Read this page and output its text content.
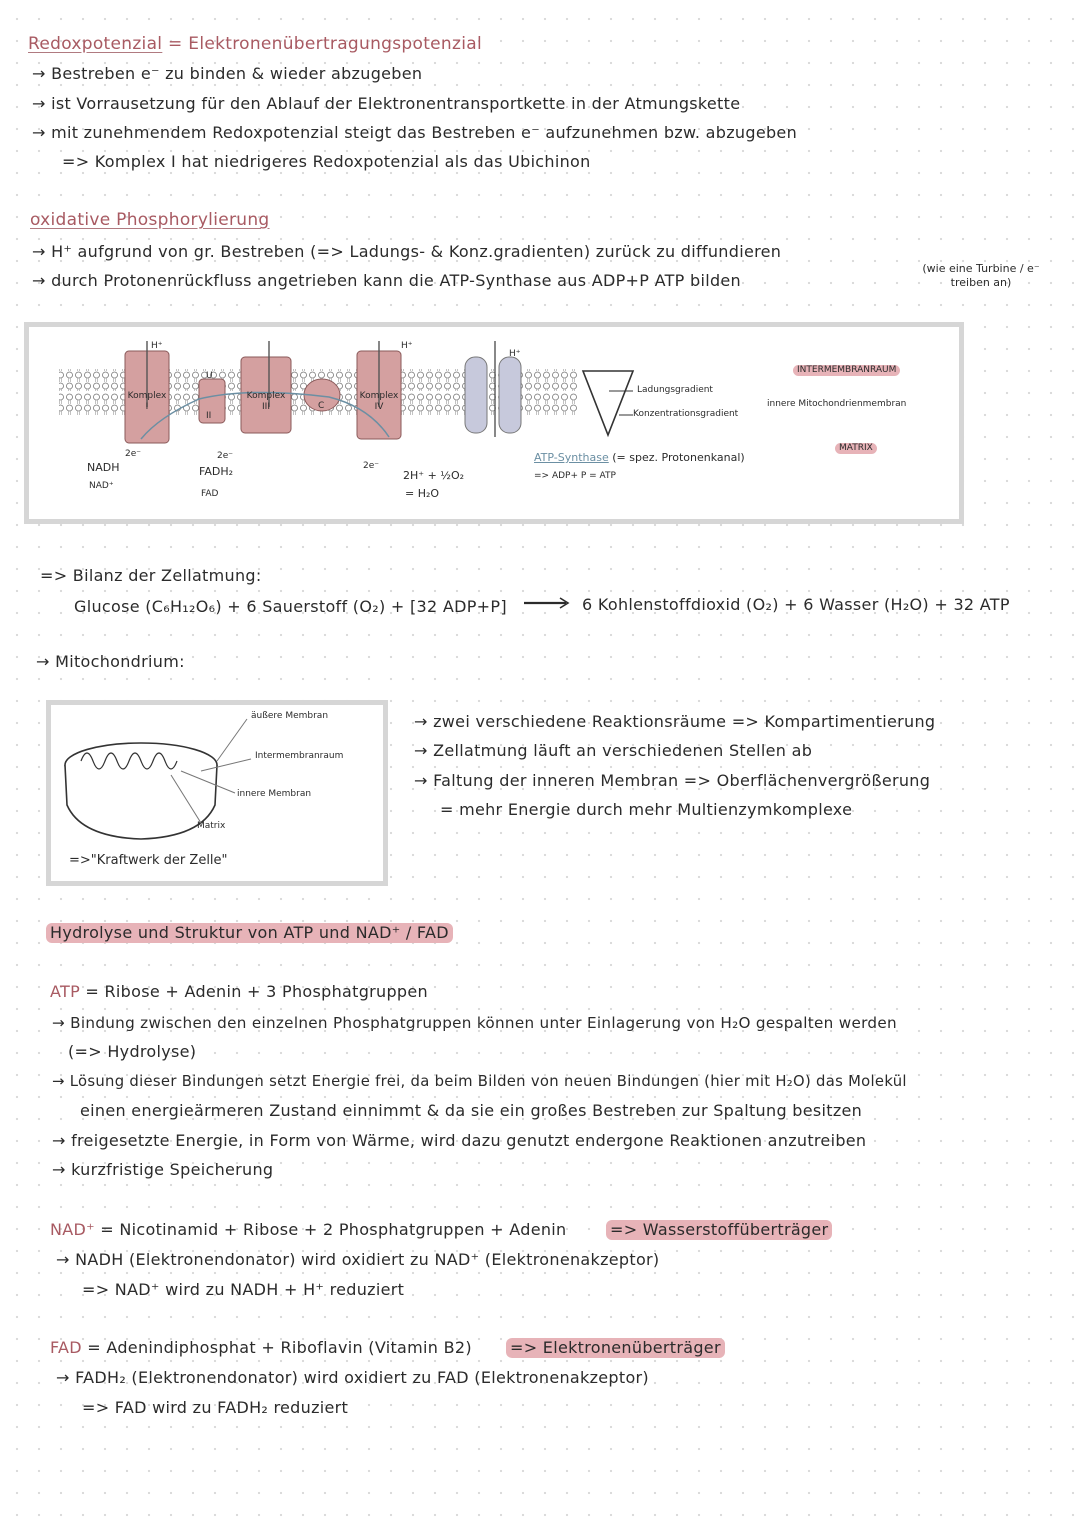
Redoxpotenzial = Elektronenübertragungspotenzial
→ Bestreben e⁻ zu binden & wieder abzugeben
→ ist Vorrausetzung für den Ablauf der Elektronentransportkette in der Atmungskette
→ mit zunehmendem Redoxpotenzial steigt das Bestreben e⁻ aufzunehmen bzw. abzugeben
=> Komplex I hat niedrigeres Redoxpotenzial als das Ubichinon
oxidative Phosphorylierung
→ H⁺ aufgrund von gr. Bestreben (=> Ladungs- & Konz.gradienten) zurück zu diffundieren
→ durch Protonenrückfluss angetrieben kann die ATP-Synthase aus ADP+P ATP bilden
(wie eine Turbine / e⁻ treiben an)
H⁺	H⁺
H⁺
Komplex I
U
II
Komplex III	C
Komplex IV
2e⁻
NADH
NAD⁺
2e⁻
FADH₂
FAD
2e⁻
2H⁺ + ½O₂
= H₂O
Ladungsgradient
Konzentrationsgradient
ATP-Synthase (= spez. Protonenkanal)
=> ADP+ P = ATP
INTERMEMBRANRAUM
innere Mitochondrienmembran
MATRIX
=> Bilanz der Zellatmung:
Glucose (C₆H₁₂O₆) + 6 Sauerstoff (O₂) + [32 ADP+P] → 6 Kohlenstoffdioxid (O₂) + 6 Wasser (H₂O) + 32 ATP
→ Mitochondrium:
äußere Membran
Intermembranraum
innere Membran
Matrix
=>"Kraftwerk der Zelle"
→ zwei verschiedene Reaktionsräume => Kompartimentierung
→ Zellatmung läuft an verschiedenen Stellen ab
→ Faltung der inneren Membran => Oberflächenvergrößerung
= mehr Energie durch mehr Multienzymkomplexe
Hydrolyse und Struktur von ATP und NAD⁺ / FAD
ATP = Ribose + Adenin + 3 Phosphatgruppen
→ Bindung zwischen den einzelnen Phosphatgruppen können unter Einlagerung von H₂O gespalten werden
(=> Hydrolyse)
→ Lösung dieser Bindungen setzt Energie frei, da beim Bilden von neuen Bindungen (hier mit H₂O) das Molekül
einen energieärmeren Zustand einnimmt & da sie ein großes Bestreben zur Spaltung besitzen
→ freigesetzte Energie, in Form von Wärme, wird dazu genutzt endergone Reaktionen anzutreiben
→ kurzfristige Speicherung
NAD⁺ = Nicotinamid + Ribose + 2 Phosphatgruppen + Adenin	=> Wasserstoffüberträger
→ NADH (Elektronendonator) wird oxidiert zu NAD⁺ (Elektronenakzeptor)
=> NAD⁺ wird zu NADH + H⁺ reduziert
FAD = Adenindiphosphat + Riboflavin (Vitamin B2) => Elektronenüberträger
→ FADH₂ (Elektronendonator) wird oxidiert zu FAD (Elektronenakzeptor)
=> FAD wird zu FADH₂ reduziert
